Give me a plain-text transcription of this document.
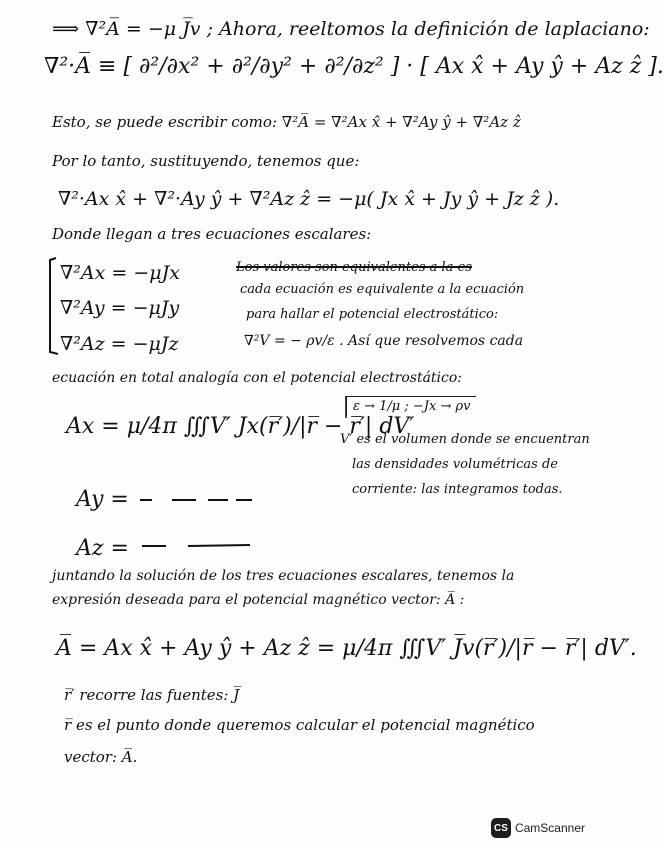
⟹ ∇²A̅ = −μ J̅v ; Ahora, reeltomos la definición de laplaciano:
∇²·A̅ ≡ [ ∂²/∂x² + ∂²/∂y² + ∂²/∂z² ] · [ Ax x̂ + Ay ŷ + Az ẑ ].
Esto, se puede escribir como: ∇²A̅ = ∇²Ax x̂ + ∇²Ay ŷ + ∇²Az ẑ
Por lo tanto, sustituyendo, tenemos que:
∇²·Ax x̂ + ∇²·Ay ŷ + ∇²Az ẑ = −μ( Jx x̂ + Jy ŷ + Jz ẑ ).
Donde llegan a tres ecuaciones escalares:
∇²Ax = −μJx
∇²Ay = −μJy
∇²Az = −μJz
Los valores son equivalentes a la es
cada ecuación es equivalente a la ecuación
para hallar el potencial electrostático:
∇²V = − ρv/ε . Así que resolvemos cada
ecuación en total analogía con el potencial electrostático:
Ax = μ/4π ∭V′ Jx(r̅′)/|r̅ − r̅′| dV′
ε → 1/μ ; −Jx → ρv
V′ es el volumen donde se encuentran
las densidades volumétricas de
corriente: las integramos todas.
Ay =
Az =
juntando la solución de los tres ecuaciones escalares, tenemos la
expresión deseada para el potencial magnético vector: A̅ :
A̅ = Ax x̂ + Ay ŷ + Az ẑ = μ/4π ∭V′ J̅v(r̅′)/|r̅ − r̅′| dV′.
r̅′ recorre las fuentes: J̅
r̅ es el punto donde queremos calcular el potencial magnético
vector: A̅.
CS CamScanner
